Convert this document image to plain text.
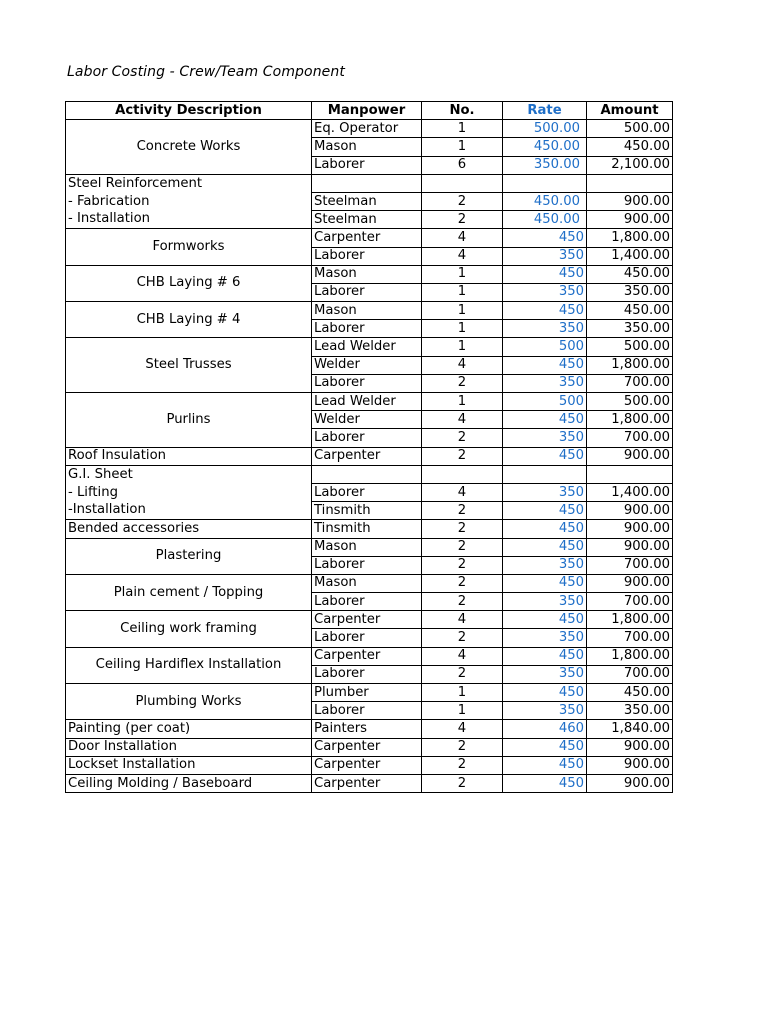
Labor Costing - Crew/Team Component
Activity Description	Manpower	No.	Rate	Amount
Concrete Works	Eq. Operator	1	500.00	500.00
	Mason	1	450.00	450.00
	Laborer	6	350.00	2,100.00
Steel Reinforcement				
- Fabrication	Steelman	2	450.00	900.00
- Installation	Steelman	2	450.00	900.00
Formworks	Carpenter	4	450	1,800.00
	Laborer	4	350	1,400.00
CHB Laying # 6	Mason	1	450	450.00
	Laborer	1	350	350.00
CHB Laying # 4	Mason	1	450	450.00
	Laborer	1	350	350.00
Steel Trusses	Lead Welder	1	500	500.00
	Welder	4	450	1,800.00
	Laborer	2	350	700.00
Purlins	Lead Welder	1	500	500.00
	Welder	4	450	1,800.00
	Laborer	2	350	700.00
Roof Insulation	Carpenter	2	450	900.00
G.I. Sheet				
- Lifting	Laborer	4	350	1,400.00
-Installation	Tinsmith	2	450	900.00
Bended accessories	Tinsmith	2	450	900.00
Plastering	Mason	2	450	900.00
	Laborer	2	350	700.00
Plain cement / Topping	Mason	2	450	900.00
	Laborer	2	350	700.00
Ceiling work framing	Carpenter	4	450	1,800.00
	Laborer	2	350	700.00
Ceiling Hardiflex Installation	Carpenter	4	450	1,800.00
	Laborer	2	350	700.00
Plumbing Works	Plumber	1	450	450.00
	Laborer	1	350	350.00
Painting (per coat)	Painters	4	460	1,840.00
Door Installation	Carpenter	2	450	900.00
Lockset Installation	Carpenter	2	450	900.00
Ceiling Molding / Baseboard	Carpenter	2	450	900.00
